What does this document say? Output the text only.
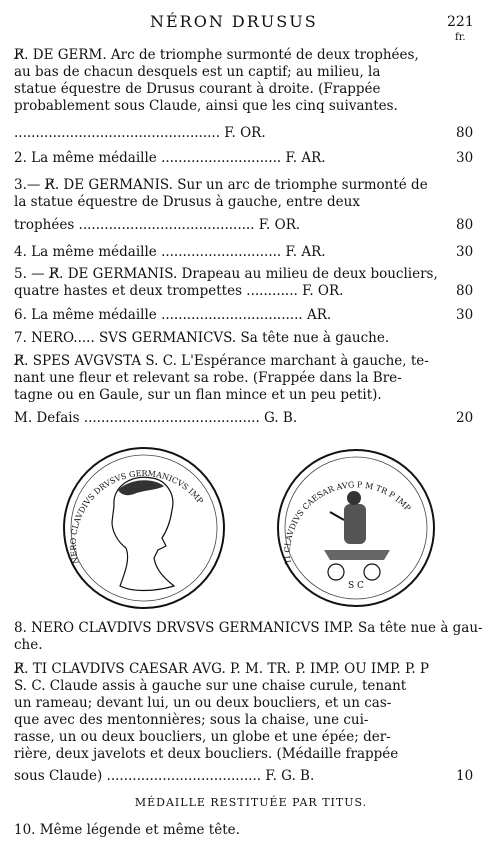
NÉRON DRUSUS	221
fr.
R̸. DE GERM. Arc de triomphe surmonté de deux trophées,
au bas de chacun desquels est un captif; au milieu, la
statue équestre de Drusus courant à droite. (Frappée
probablement sous Claude, ainsi que les cinq suivantes.
................................................ F. OR.	80
2. La même médaille ............................ F. AR.	30
3.— R̸. DE GERMANIS. Sur un arc de triomphe surmonté de
la statue équestre de Drusus à gauche, entre deux
trophées ......................................... F. OR.	80
4. La même médaille ............................ F. AR.	30
5. — R̸. DE GERMANIS. Drapeau au milieu de deux boucliers,
quatre hastes et deux trompettes ............ F. OR.	80
6. La même médaille ................................. AR.	30
7. NERO..... SVS GERMANICVS. Sa tête nue à gauche.
R̸. SPES AVGVSTA S. C. L'Espérance marchant à gauche, te-
nant une fleur et relevant sa robe. (Frappée dans la Bre-
tagne ou en Gaule, sur un flan mince et un peu petit).
M. Defais ......................................... G. B.	20
8. NERO CLAVDIVS DRVSVS GERMANICVS IMP. Sa tête nue à gau-
che.
R̸. TI CLAVDIVS CAESAR AVG. P. M. TR. P. IMP. OU IMP. P. P
S. C. Claude assis à gauche sur une chaise curule, tenant
un rameau; devant lui, un ou deux boucliers, et un cas-
que avec des mentonnières; sous la chaise, une cui-
rasse, un ou deux boucliers, un globe et une épée; der-
rière, deux javelots et deux boucliers. (Médaille frappée
sous Claude) .................................... F. G. B.	10
10. Même légende et même tête.
NERO CLAVDIVS DRVSVS GERMANICVS IMP
S C
TI CLAVDIVS CAESAR AVG P M TR P IMP
MÉDAILLE RESTITUÉE PAR TITUS.
